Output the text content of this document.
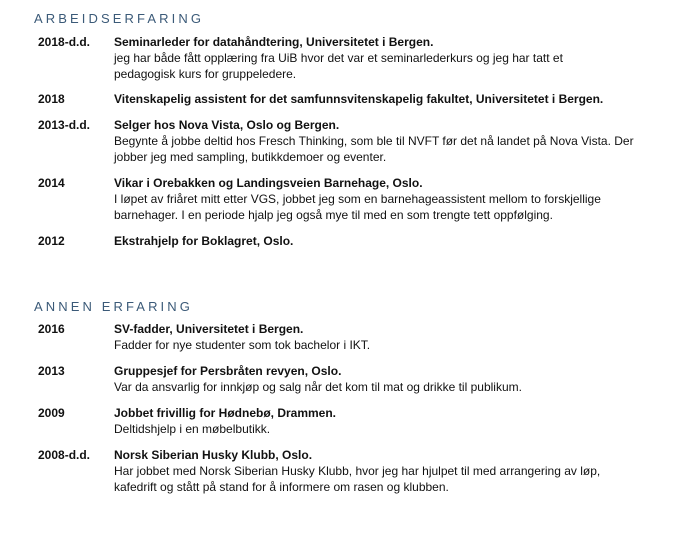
ARBEIDSERFARING
2018-d.d. Seminarleder for datahåndtering, Universitetet i Bergen.
jeg har både fått opplæring fra UiB hvor det var et seminarlederkurs og jeg har tatt et
pedagogisk kurs for gruppeledere.
2018	Vitenskapelig assistent for det samfunnsvitenskapelig fakultet, Universitetet i Bergen.
2013-d.d. Selger hos Nova Vista, Oslo og Bergen.
Begynte å jobbe deltid hos Fresch Thinking, som ble til NVFT før det nå landet på Nova Vista. Der
jobber jeg med sampling, butikkdemoer og eventer.
2014	Vikar i Orebakken og Landingsveien Barnehage, Oslo.
I løpet av friåret mitt etter VGS, jobbet jeg som en barnehageassistent mellom to forskjellige
barnehager. I en periode hjalp jeg også mye til med en som trengte tett oppfølging.
2012	Ekstrahjelp for Boklagret, Oslo.
ANNEN ERFARING
2016	SV-fadder, Universitetet i Bergen.
Fadder for nye studenter som tok bachelor i IKT.
2013	Gruppesjef for Persbråten revyen, Oslo.
Var da ansvarlig for innkjøp og salg når det kom til mat og drikke til publikum.
2009	Jobbet frivillig for Hødnebø, Drammen.
Deltidshjelp i en møbelbutikk.
2008-d.d. Norsk Siberian Husky Klubb, Oslo.
Har jobbet med Norsk Siberian Husky Klubb, hvor jeg har hjulpet til med arrangering av løp,
kafedrift og stått på stand for å informere om rasen og klubben.
